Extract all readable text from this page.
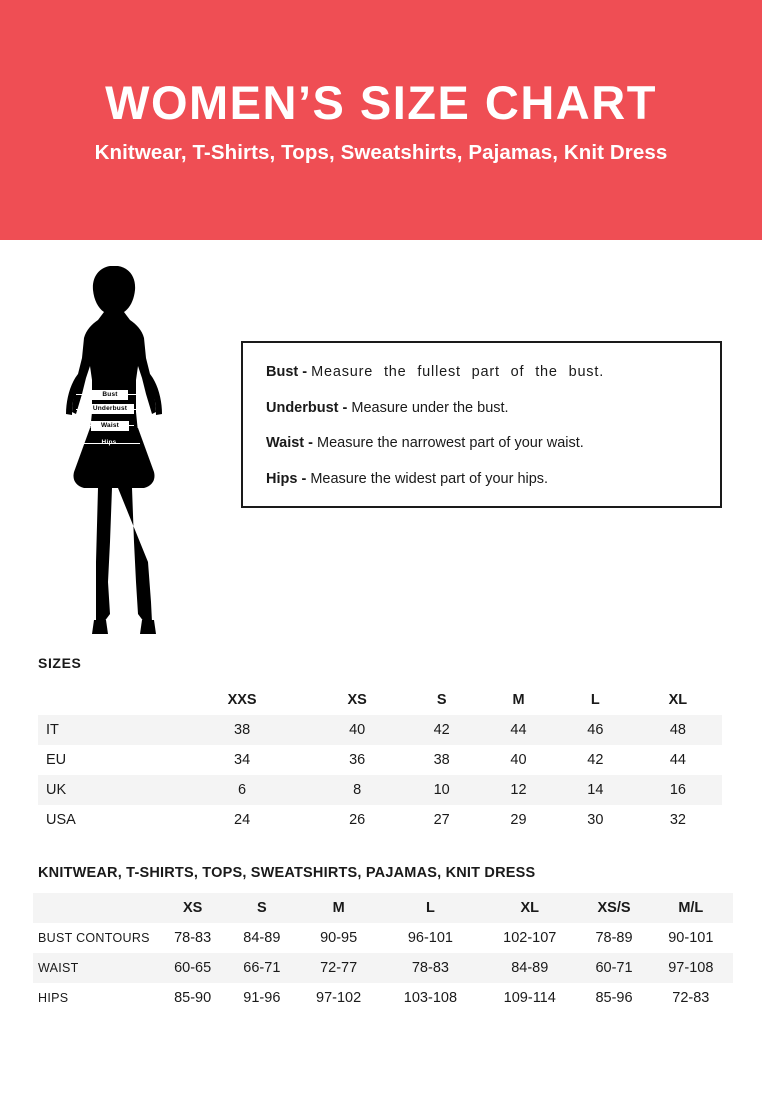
WOMEN’S SIZE CHART
Knitwear, T-Shirts, Tops, Sweatshirts, Pajamas, Knit Dress
Bust
Underbust
Waist
Hips
Bust - Measure the fullest part of the bust.
Underbust - Measure under the bust.
Waist - Measure the narrowest part of your waist.
Hips - Measure the widest part of your hips.
SIZES
	XXS	XS	S	M	L	XL
IT	38	40	42	44	46	48
EU	34	36	38	40	42	44
UK	6	8	10	12	14	16
USA	24	26	27	29	30	32
KNITWEAR, T-SHIRTS, TOPS, SWEATSHIRTS, PAJAMAS, KNIT DRESS
	XS	S	M	L	XL	XS/S	M/L
BUST CONTOURS	78-83	84-89	90-95	96-101	102-107	78-89	90-101
WAIST	60-65	66-71	72-77	78-83	84-89	60-71	97-108
HIPS	85-90	91-96	97-102	103-108	109-114	85-96	72-83
